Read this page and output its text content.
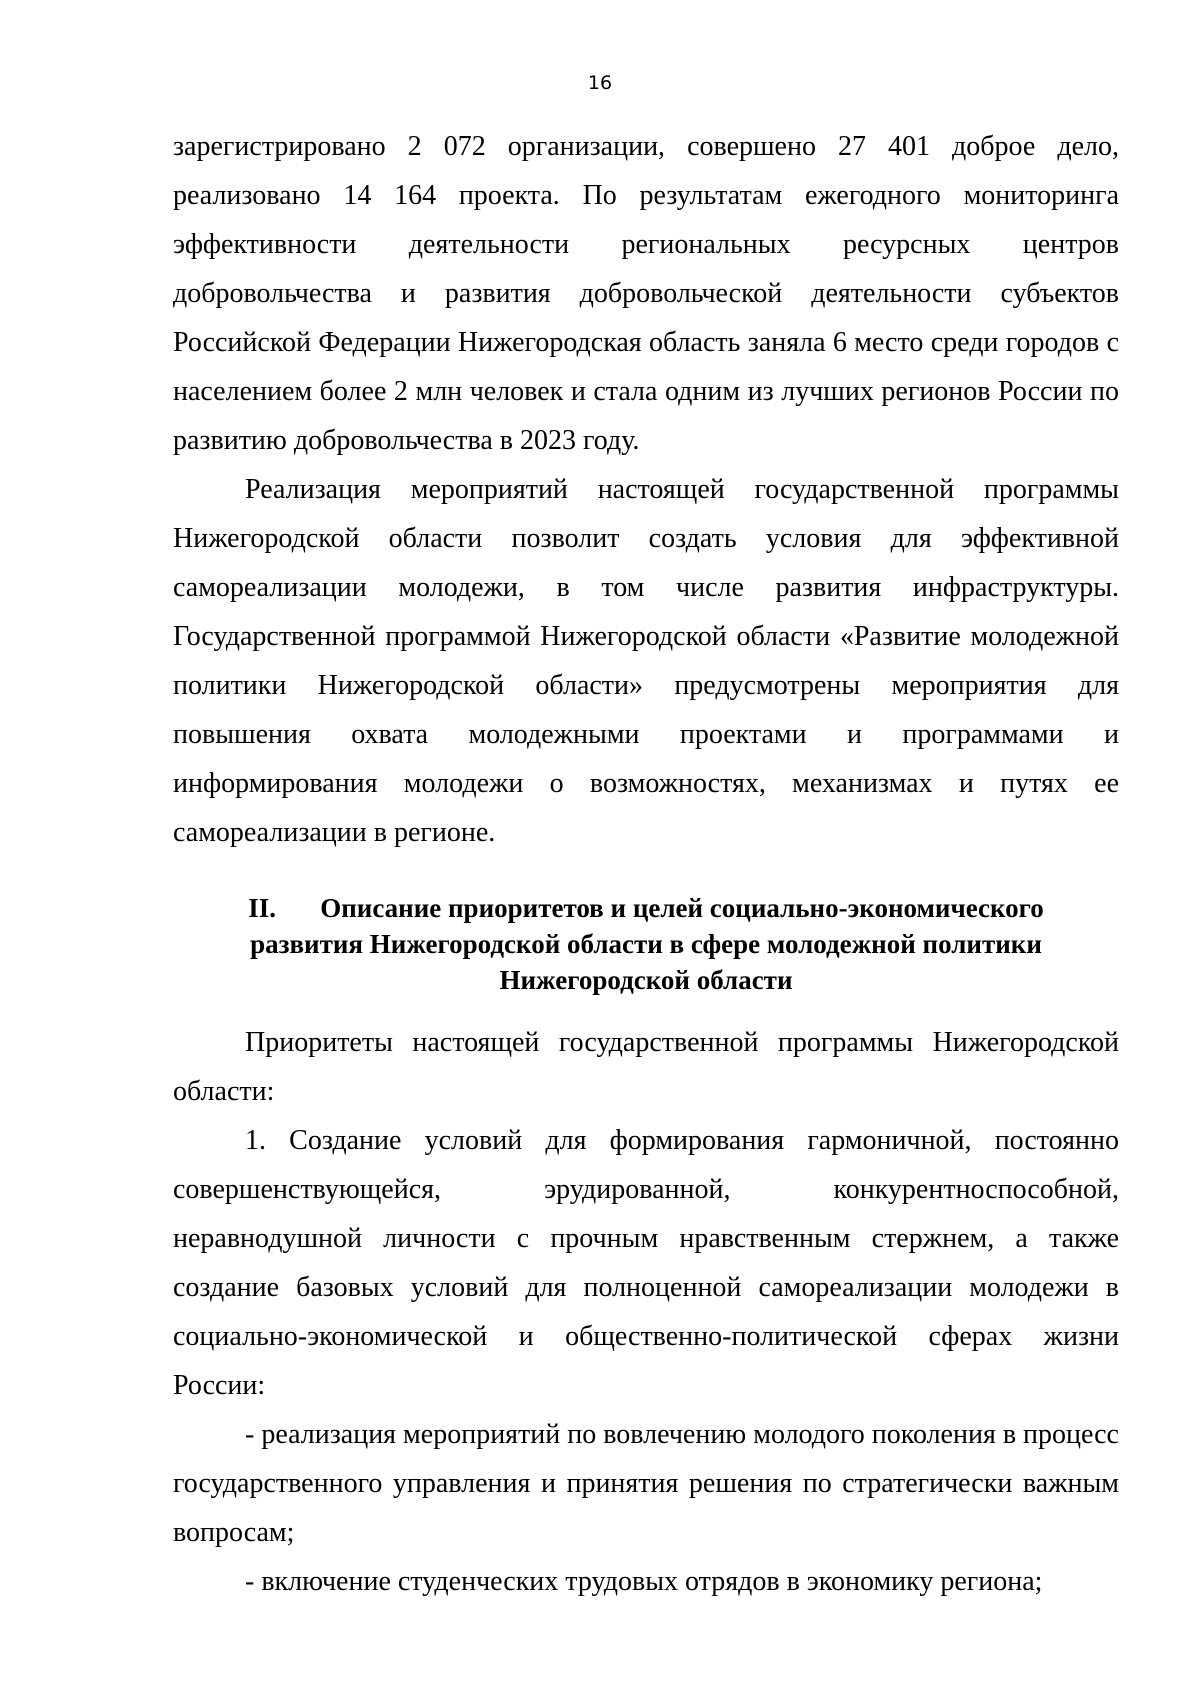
16

зарегистрировано 2 072 организации, совершено 27 401 доброе дело, реализовано 14 164 проекта. По результатам ежегодного мониторинга эффективности деятельности региональных ресурсных центров добровольчества и развития добровольческой деятельности субъектов Российской Федерации Нижегородская область заняла 6 место среди городов с населением более 2 млн человек и стала одним из лучших регионов России по развитию добровольчества в 2023 году.

Реализация мероприятий настоящей государственной программы Нижегородской области позволит создать условия для эффективной самореализации молодежи, в том числе развития инфраструктуры. Государственной программой Нижегородской области «Развитие молодежной политики Нижегородской области» предусмотрены мероприятия для повышения охвата молодежными проектами и программами и информирования молодежи о возможностях, механизмах и путях ее самореализации в регионе.

II. Описание приоритетов и целей социально-экономического
развития Нижегородской области в сфере молодежной политики
Нижегородской области

Приоритеты настоящей государственной программы Нижегородской области:

1. Создание условий для формирования гармоничной, постоянно совершенствующейся, эрудированной, конкурентноспособной, неравнодушной личности с прочным нравственным стержнем, а также создание базовых условий для полноценной самореализации молодежи в социально-экономической и общественно-политической сферах жизни России:

- реализация мероприятий по вовлечению молодого поколения в процесс государственного управления и принятия решения по стратегически важным вопросам;

- включение студенческих трудовых отрядов в экономику региона;
